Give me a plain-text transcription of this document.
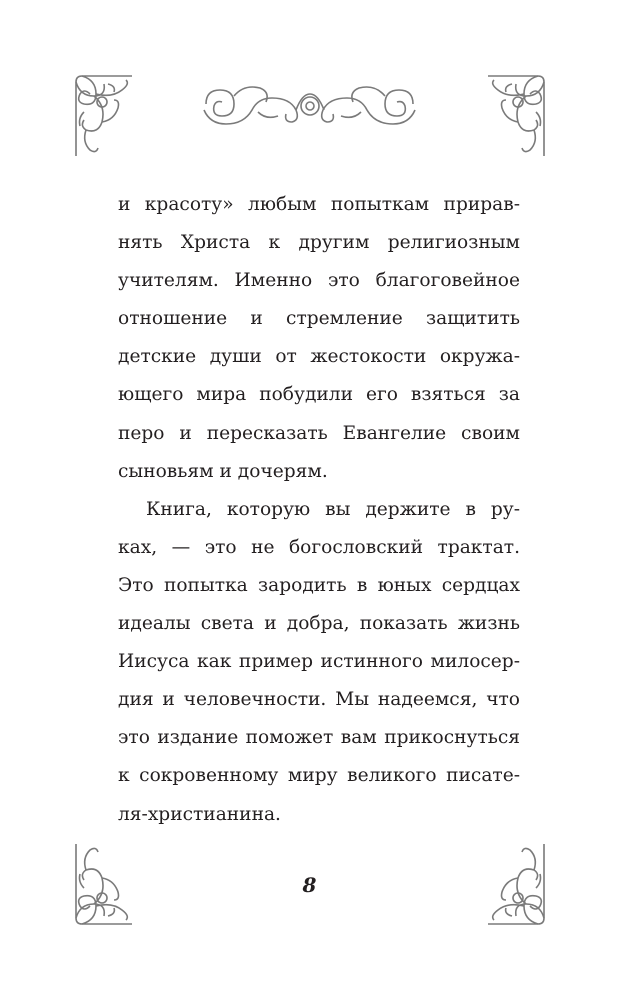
и красоту» любым попыткам прирав-
нять Христа к другим религиозным
учителям. Именно это благоговейное
отношение и стремление защитить
детские души от жестокости окружа-
ющего мира побудили его взяться за
перо и пересказать Евангелие своим
сыновьям и дочерям.
Книга, которую вы держите в ру-
ках, — это не богословский трактат.
Это попытка зародить в юных сердцах
идеалы света и добра, показать жизнь
Иисуса как пример истинного милосер-
дия и человечности. Мы надеемся, что
это издание поможет вам прикоснуться
к сокровенному миру великого писате-
ля-христианина.
8
